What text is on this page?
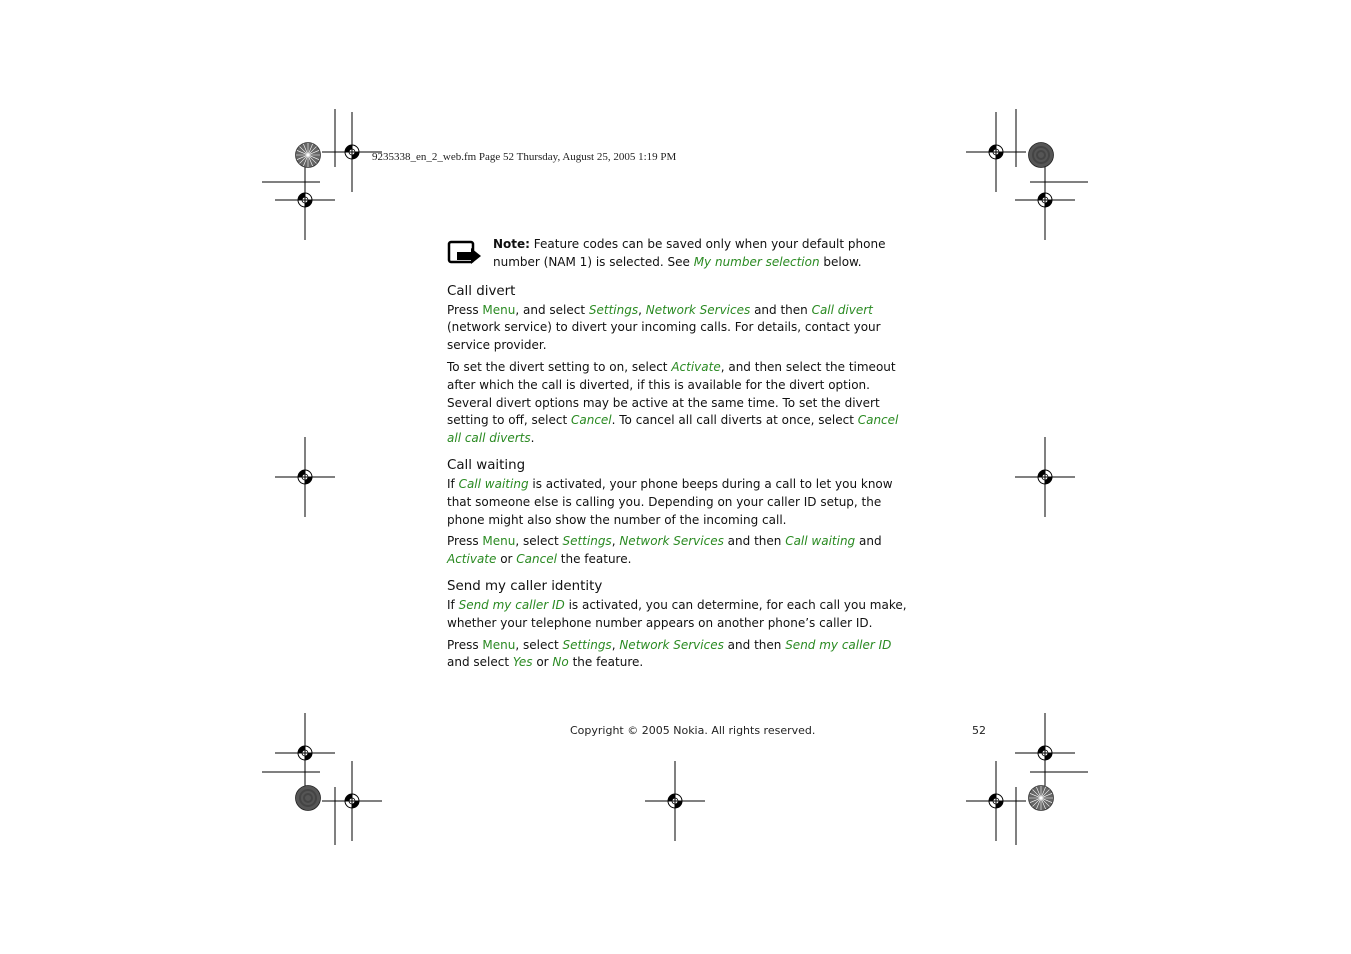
9235338_en_2_web.fm Page 52 Thursday, August 25, 2005 1:19 PM
Note: Feature codes can be saved only when your default phone number (NAM 1) is selected. See My number selection below.
Call divert

Press Menu, and select Settings, Network Services and then Call divert (network service) to divert your incoming calls. For details, contact your service provider.

To set the divert setting to on, select Activate, and then select the timeout after which the call is diverted, if this is available for the divert option. Several divert options may be active at the same time. To set the divert setting to off, select Cancel. To cancel all call diverts at once, select Cancel all call diverts.

Call waiting

If Call waiting is activated, your phone beeps during a call to let you know that someone else is calling you. Depending on your caller ID setup, the phone might also show the number of the incoming call.

Press Menu, select Settings, Network Services and then Call waiting and Activate or Cancel the feature.

Send my caller identity

If Send my caller ID is activated, you can determine, for each call you make, whether your telephone number appears on another phone’s caller ID.

Press Menu, select Settings, Network Services and then Send my caller ID and select Yes or No the feature.

Copyright © 2005 Nokia. All rights reserved.	52
